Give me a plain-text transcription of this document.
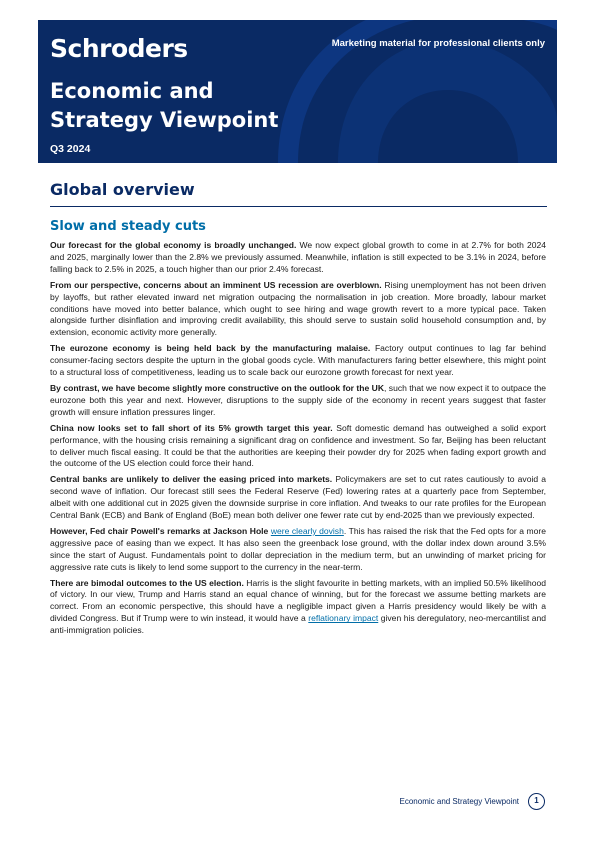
Schroders	Marketing material for professional clients only
Economic and
Strategy Viewpoint
Q3 2024
Global overview
Slow and steady cuts

Our forecast for the global economy is broadly unchanged. We now expect global growth to come in at 2.7% for both 2024 and 2025, marginally lower than the 2.8% we previously assumed. Meanwhile, inflation is still expected to be 3.1% in 2024, before falling back to 2.5% in 2025, a touch higher than our prior 2.4% forecast.

From our perspective, concerns about an imminent US recession are overblown. Rising unemployment has not been driven by layoffs, but rather elevated inward net migration outpacing the normalisation in job creation. More broadly, labour market conditions have moved into better balance, which ought to see hiring and wage growth revert to a more typical pace. Taken alongside further disinflation and improving credit availability, this should serve to sustain solid household consumption and, by extension, economic activity more generally.

The eurozone economy is being held back by the manufacturing malaise. Factory output continues to lag far behind consumer-facing sectors despite the upturn in the global goods cycle. With manufacturers faring better elsewhere, this might point to a structural loss of competitiveness, leading us to scale back our eurozone growth forecast for next year.

By contrast, we have become slightly more constructive on the outlook for the UK, such that we now expect it to outpace the eurozone both this year and next. However, disruptions to the supply side of the economy in recent years suggest that faster growth will ensure inflation pressures linger.

China now looks set to fall short of its 5% growth target this year. Soft domestic demand has outweighed a solid export performance, with the housing crisis remaining a significant drag on confidence and investment. So far, Beijing has been reluctant to deliver much fiscal easing. It could be that the authorities are keeping their powder dry for 2025 when fading export growth and the outcome of the US election could force their hand.

Central banks are unlikely to deliver the easing priced into markets. Policymakers are set to cut rates cautiously to avoid a second wave of inflation. Our forecast still sees the Federal Reserve (Fed) lowering rates at a quarterly pace from September, albeit with one additional cut in 2025 given the downside surprise in core inflation. And tweaks to our rate profiles for the European Central Bank (ECB) and Bank of England (BoE) mean both deliver one fewer rate cut by end-2025 than we previously expected.

However, Fed chair Powell's remarks at Jackson Hole were clearly dovish. This has raised the risk that the Fed opts for a more aggressive pace of easing than we expect. It has also seen the greenback lose ground, with the dollar index down around 3.5% since the start of August. Fundamentals point to dollar depreciation in the medium term, but an unwinding of market pricing for aggressive rate cuts is likely to lend some support to the currency in the near-term.

There are bimodal outcomes to the US election. Harris is the slight favourite in betting markets, with an implied 50.5% likelihood of victory. In our view, Trump and Harris stand an equal chance of winning, but for the forecast we assume betting markets are correct. From an economic perspective, this should have a negligible impact given a Harris presidency would likely be with a divided Congress. But if Trump were to win instead, it would have a reflationary impact given his deregulatory, neo-mercantilist and anti-immigration policies.

Economic and Strategy Viewpoint	1
